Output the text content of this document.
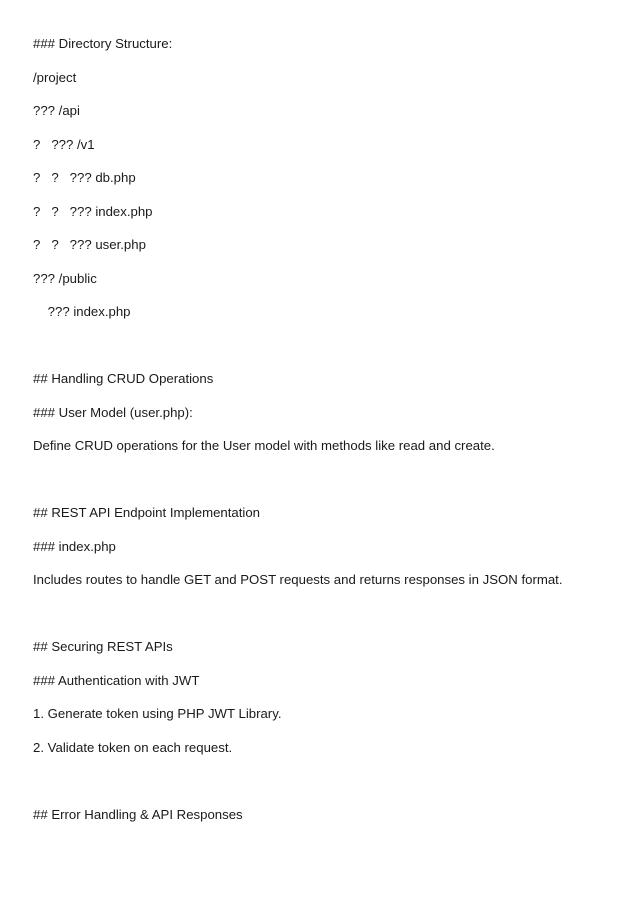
### Directory Structure:
/project
??? /api
?   ??? /v1
?   ?   ??? db.php
?   ?   ??? index.php
?   ?   ??? user.php
??? /public
??? index.php
## Handling CRUD Operations
### User Model (user.php):
Define CRUD operations for the User model with methods like read and create.
## REST API Endpoint Implementation
### index.php
Includes routes to handle GET and POST requests and returns responses in JSON format.
## Securing REST APIs
### Authentication with JWT
1. Generate token using PHP JWT Library.
2. Validate token on each request.
## Error Handling & API Responses
